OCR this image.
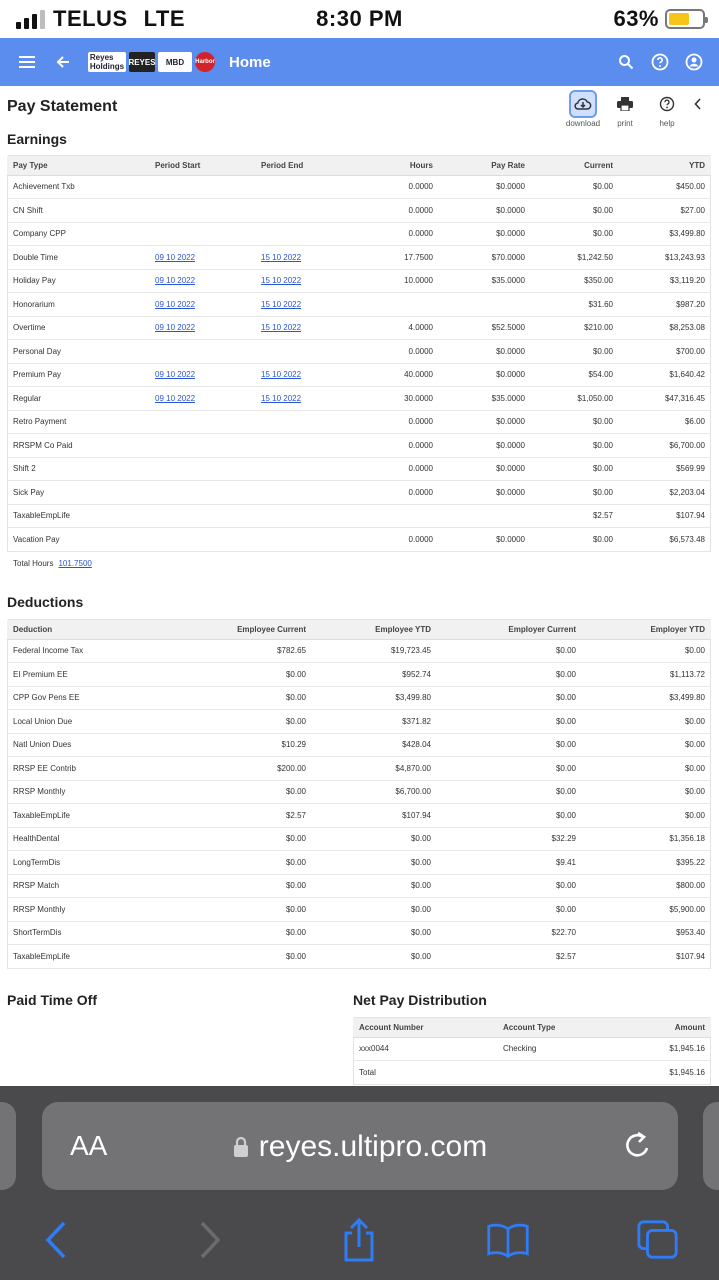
TELUS LTE	8:30 PM	63%
Reyes Holdings REYES	MBD	Harbor Home
Pay Statement
download print	help
Earnings
Pay Type	Period Start	Period End	Hours	Pay Rate	Current	YTD
Achievement Txb			0.0000	$0.0000	$0.00	$450.00
CN Shift			0.0000	$0.0000	$0.00	$27.00
Company CPP			0.0000	$0.0000	$0.00	$3,499.80
Double Time	09 10 2022	15 10 2022	17.7500	$70.0000	$1,242.50	$13,243.93
Holiday Pay	09 10 2022	15 10 2022	10.0000	$35.0000	$350.00	$3,119.20
Honorarium	09 10 2022	15 10 2022			$31.60	$987.20
Overtime	09 10 2022	15 10 2022	4.0000	$52.5000	$210.00	$8,253.08
Personal Day			0.0000	$0.0000	$0.00	$700.00
Premium Pay	09 10 2022	15 10 2022	40.0000	$0.0000	$54.00	$1,640.42
Regular	09 10 2022	15 10 2022	30.0000	$35.0000	$1,050.00	$47,316.45
Retro Payment			0.0000	$0.0000	$0.00	$6.00
RRSPM Co Paid			0.0000	$0.0000	$0.00	$6,700.00
Shift 2			0.0000	$0.0000	$0.00	$569.99
Sick Pay			0.0000	$0.0000	$0.00	$2,203.04
TaxableEmpLife					$2.57	$107.94
Vacation Pay			0.0000	$0.0000	$0.00	$6,573.48
Total Hours 101.7500
Deductions
Deduction	Employee Current	Employee YTD	Employer Current	Employer YTD
Federal Income Tax	$782.65	$19,723.45	$0.00	$0.00
EI Premium EE	$0.00	$952.74	$0.00	$1,113.72
CPP Gov Pens EE	$0.00	$3,499.80	$0.00	$3,499.80
Local Union Due	$0.00	$371.82	$0.00	$0.00
Natl Union Dues	$10.29	$428.04	$0.00	$0.00
RRSP EE Contrib	$200.00	$4,870.00	$0.00	$0.00
RRSP Monthly	$0.00	$6,700.00	$0.00	$0.00
TaxableEmpLife	$2.57	$107.94	$0.00	$0.00
HealthDental	$0.00	$0.00	$32.29	$1,356.18
LongTermDis	$0.00	$0.00	$9.41	$395.22
RRSP Match	$0.00	$0.00	$0.00	$800.00
RRSP Monthly	$0.00	$0.00	$0.00	$5,900.00
ShortTermDis	$0.00	$0.00	$22.70	$953.40
TaxableEmpLife	$0.00	$0.00	$2.57	$107.94
Paid Time Off	Net Pay Distribution
Account Number	Account Type	Amount
xxx0044	Checking	$1,945.16
Total		$1,945.16
AA	reyes.ultipro.com
